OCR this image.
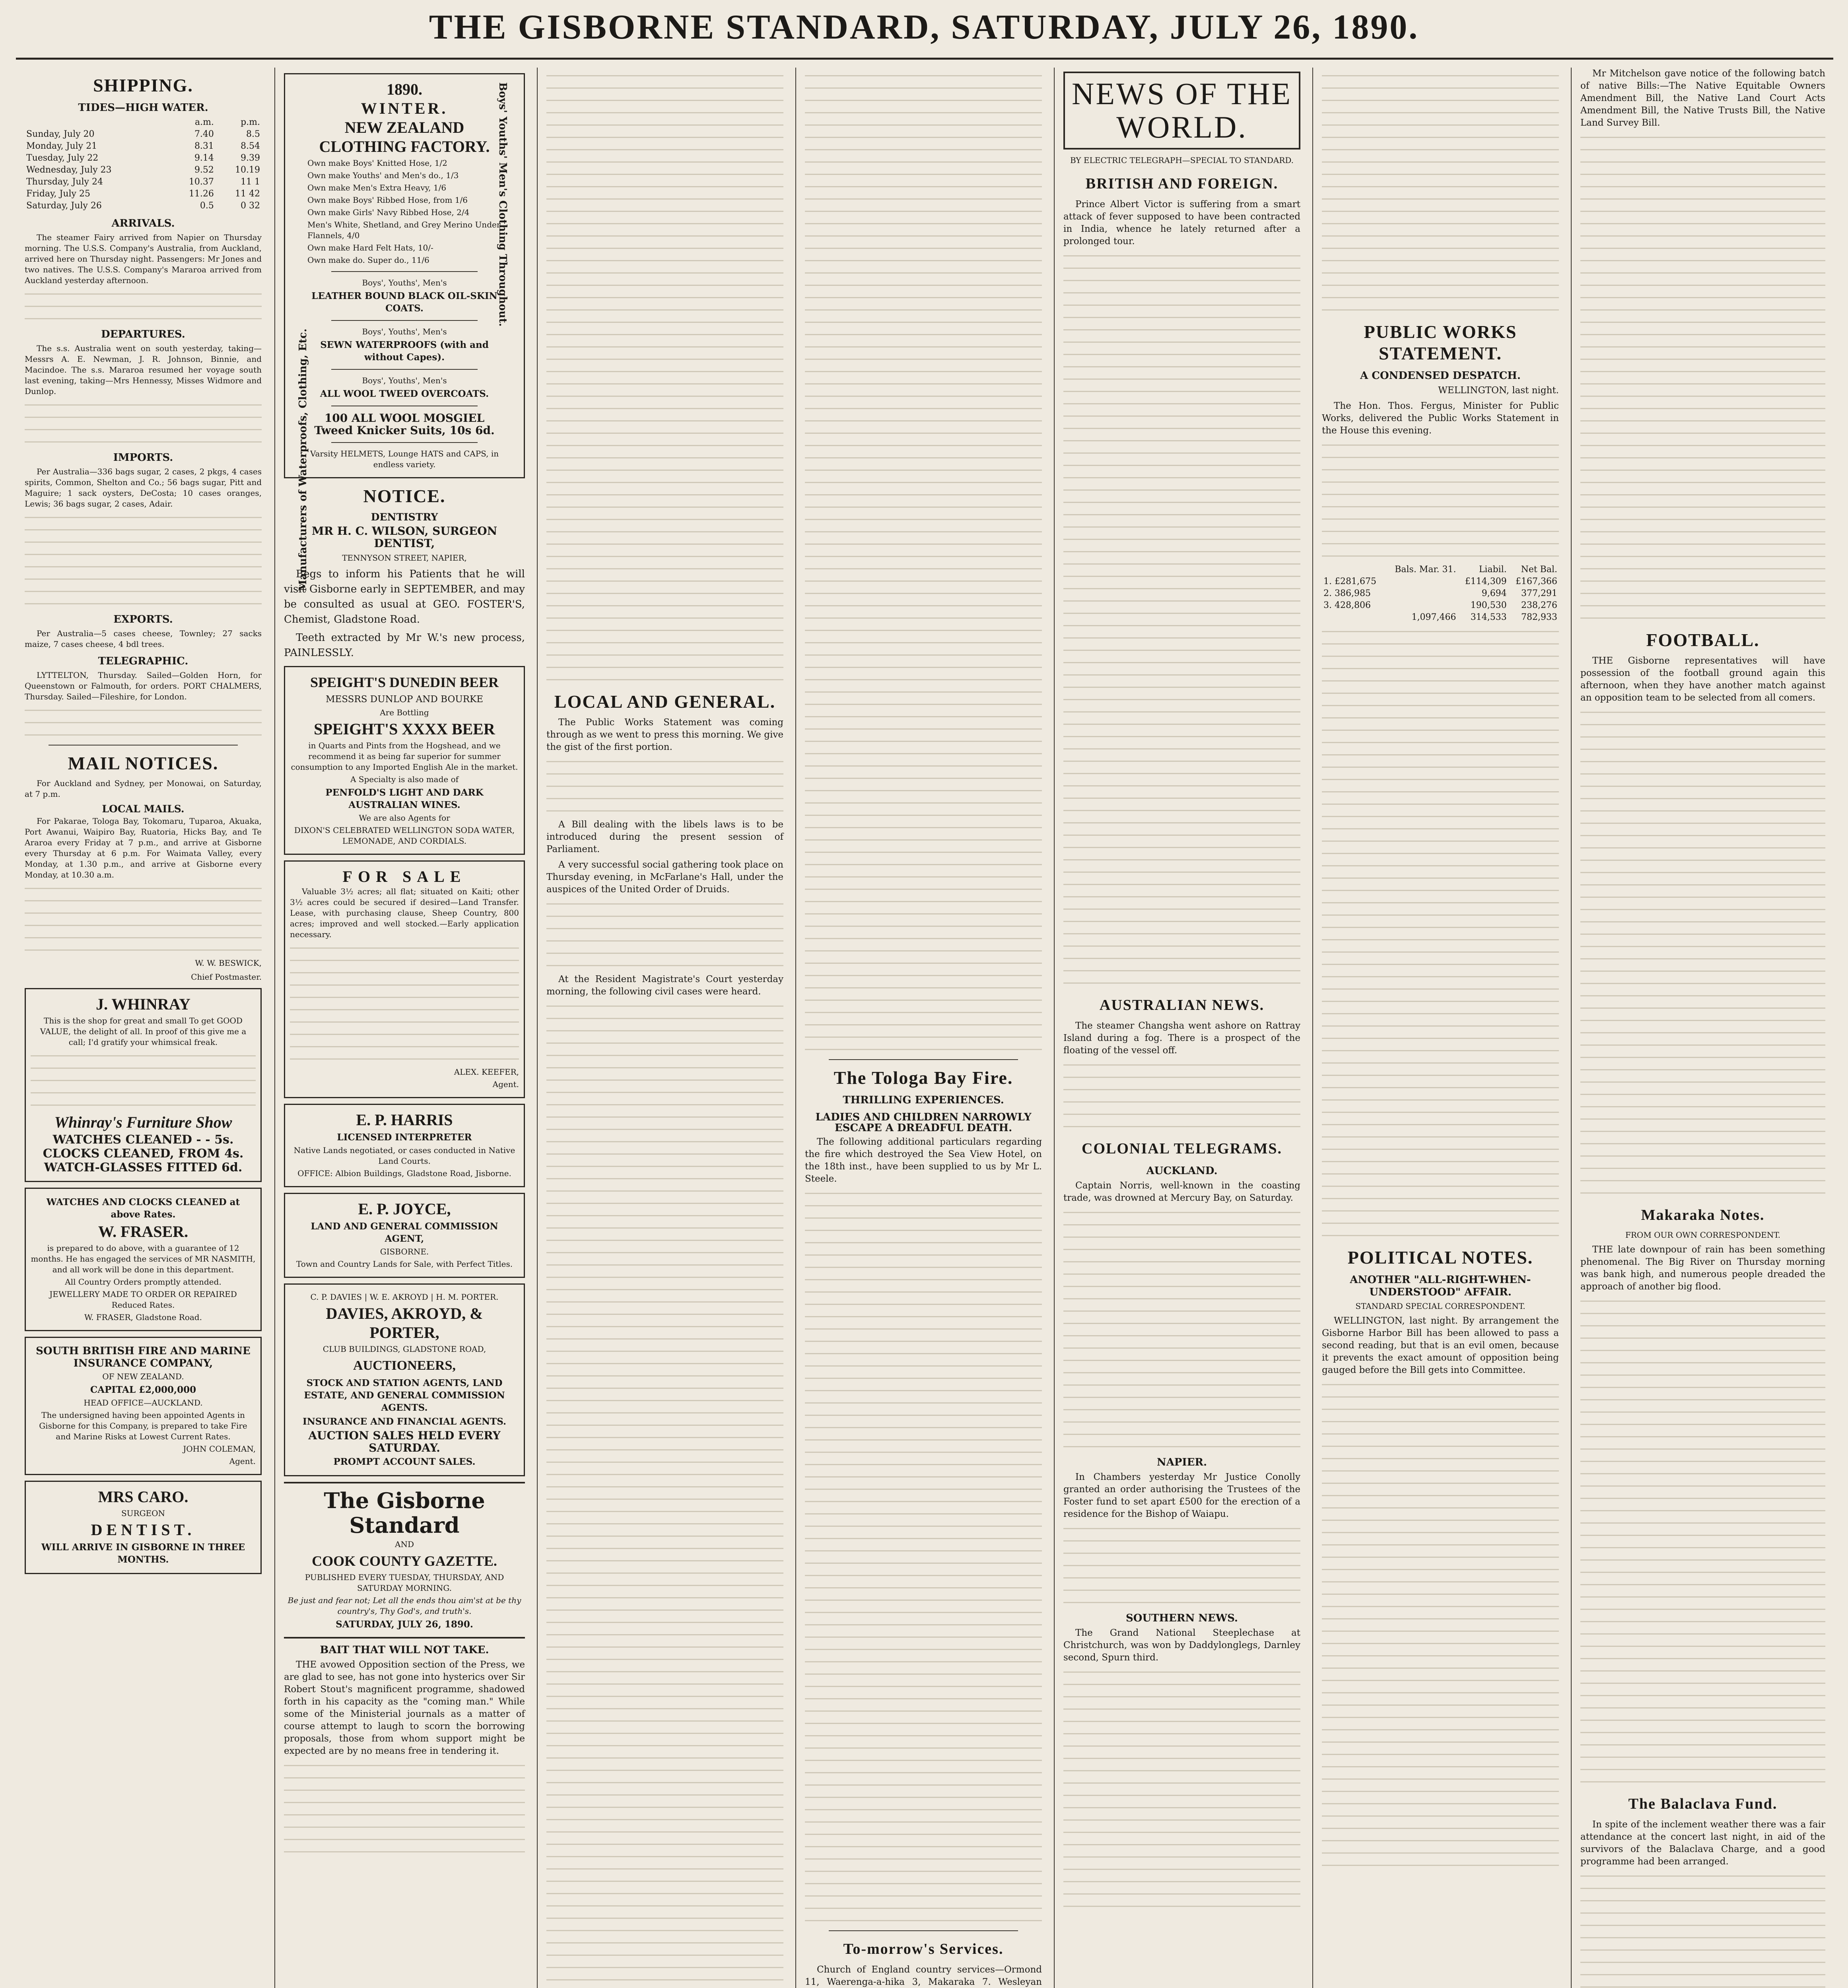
THE GISBORNE STANDARD, SATURDAY, JULY 26, 1890.
SHIPPING.
TIDES—HIGH WATER.
	a.m.	p.m.
Sunday, July 20	7.40	8.5
Monday, July 21	8.31	8.54
Tuesday, July 22	9.14	9.39
Wednesday, July 23	9.52	10.19
Thursday, July 24	10.37	11 1
Friday, July 25	11.26	11 42
Saturday, July 26	0.5	0 32
ARRIVALS.

The steamer Fairy arrived from Napier on Thursday morning. The U.S.S. Company's Australia, from Auckland, arrived here on Thursday night. Passengers: Mr Jones and two natives. The U.S.S. Company's Mararoa arrived from Auckland yesterday afternoon.

DEPARTURES.

The s.s. Australia went on south yesterday, taking—Messrs A. E. Newman, J. R. Johnson, Binnie, and Macindoe. The s.s. Mararoa resumed her voyage south last evening, taking—Mrs Hennessy, Misses Widmore and Dunlop.

IMPORTS.

Per Australia—336 bags sugar, 2 cases, 2 pkgs, 4 cases spirits, Common, Shelton and Co.; 56 bags sugar, Pitt and Maguire; 1 sack oysters, DeCosta; 10 cases oranges, Lewis; 36 bags sugar, 2 cases, Adair.

EXPORTS.

Per Australia—5 cases cheese, Townley; 27 sacks maize, 7 cases cheese, 4 bdl trees.

TELEGRAPHIC.

LYTTELTON, Thursday. Sailed—Golden Horn, for Queenstown or Falmouth, for orders. PORT CHALMERS, Thursday. Sailed—Fileshire, for London.

MAIL NOTICES.

For Auckland and Sydney, per Monowai, on Saturday, at 7 p.m.

LOCAL MAILS.

For Pakarae, Tologa Bay, Tokomaru, Tuparoa, Akuaka, Port Awanui, Waipiro Bay, Ruatoria, Hicks Bay, and Te Araroa every Friday at 7 p.m., and arrive at Gisborne every Thursday at 6 p.m. For Waimata Valley, every Monday, at 1.30 p.m., and arrive at Gisborne every Monday, at 10.30 a.m.

W. W. BESWICK,

Chief Postmaster.

J. WHINRAY

This is the shop for great and small To get GOOD VALUE, the delight of all. In proof of this give me a call; I'd gratify your whimsical freak.

Whinray's Furniture Show

WATCHES CLEANED - - 5s.

CLOCKS CLEANED, FROM 4s.

WATCH-GLASSES FITTED 6d.

WATCHES AND CLOCKS CLEANED at above Rates.

W. FRASER.

is prepared to do above, with a guarantee of 12 months. He has engaged the services of MR NASMITH, and all work will be done in this department.

All Country Orders promptly attended.

JEWELLERY MADE TO ORDER OR REPAIRED Reduced Rates.

W. FRASER, Gladstone Road.

SOUTH BRITISH FIRE AND MARINE INSURANCE COMPANY,

OF NEW ZEALAND.

CAPITAL £2,000,000

HEAD OFFICE—AUCKLAND.

The undersigned having been appointed Agents in Gisborne for this Company, is prepared to take Fire and Marine Risks at Lowest Current Rates.

JOHN COLEMAN,

Agent.

MRS CARO.

SURGEON

DENTIST.

WILL ARRIVE IN GISBORNE IN THREE MONTHS.

Manufacturers of Waterproofs, Clothing, Etc.
Boys' Youths' Men's Clothing Throughout.
1890.
WINTER.
NEW ZEALAND CLOTHING FACTORY.

Own make Boys' Knitted Hose, 1/2

Own make Youths' and Men's do., 1/3

Own make Men's Extra Heavy, 1/6

Own make Boys' Ribbed Hose, from 1/6

Own make Girls' Navy Ribbed Hose, 2/4

Men's White, Shetland, and Grey Merino Under Flannels, 4/0

Own make Hard Felt Hats, 10/-

Own make do. Super do., 11/6

Boys', Youths', Men's

LEATHER BOUND BLACK OIL-SKIN COATS.

Boys', Youths', Men's

SEWN WATERPROOFS (with and without Capes).

Boys', Youths', Men's

ALL WOOL TWEED OVERCOATS.

100 ALL WOOL MOSGIEL Tweed Knicker Suits, 10s 6d.

Varsity HELMETS, Lounge HATS and CAPS, in endless variety.

NOTICE.

DENTISTRY

MR H. C. WILSON, SURGEON DENTIST,

TENNYSON STREET, NAPIER,

Begs to inform his Patients that he will visit Gisborne early in SEPTEMBER, and may be consulted as usual at GEO. FOSTER'S, Chemist, Gladstone Road.

Teeth extracted by Mr W.'s new process, PAINLESSLY.

SPEIGHT'S DUNEDIN BEER

MESSRS DUNLOP AND BOURKE

Are Bottling

SPEIGHT'S XXXX BEER

in Quarts and Pints from the Hogshead, and we recommend it as being far superior for summer consumption to any Imported English Ale in the market.

A Specialty is also made of

PENFOLD'S LIGHT AND DARK AUSTRALIAN WINES.

We are also Agents for

DIXON'S CELEBRATED WELLINGTON SODA WATER, LEMONADE, AND CORDIALS.

FOR SALE

Valuable 3½ acres; all flat; situated on Kaiti; other 3½ acres could be secured if desired—Land Transfer. Lease, with purchasing clause, Sheep Country, 800 acres; improved and well stocked.—Early application necessary.

ALEX. KEEFER,

Agent.

E. P. HARRIS

LICENSED INTERPRETER

Native Lands negotiated, or cases conducted in Native Land Courts.

OFFICE: Albion Buildings, Gladstone Road, Jisborne.

E. P. JOYCE,

LAND AND GENERAL COMMISSION AGENT,

GISBORNE.

Town and Country Lands for Sale, with Perfect Titles.

C. P. DAVIES | W. E. AKROYD | H. M. PORTER.

DAVIES, AKROYD, & PORTER,

CLUB BUILDINGS, GLADSTONE ROAD,

AUCTIONEERS,

STOCK AND STATION AGENTS, LAND ESTATE, AND GENERAL COMMISSION AGENTS.

INSURANCE AND FINANCIAL AGENTS.

AUCTION SALES HELD EVERY SATURDAY.

PROMPT ACCOUNT SALES.

The Gisborne Standard

AND

COOK COUNTY GAZETTE.

PUBLISHED EVERY TUESDAY, THURSDAY, AND SATURDAY MORNING.

Be just and fear not; Let all the ends thou aim'st at be thy country's, Thy God's, and truth's.

SATURDAY, JULY 26, 1890.

BAIT THAT WILL NOT TAKE.

THE avowed Opposition section of the Press, we are glad to see, has not gone into hysterics over Sir Robert Stout's magnificent programme, shadowed forth in his capacity as the "coming man." While some of the Ministerial journals as a matter of course attempt to laugh to scorn the borrowing proposals, those from whom support might be expected are by no means free in tendering it.

LOCAL AND GENERAL.

The Public Works Statement was coming through as we went to press this morning. We give the gist of the first portion.

A Bill dealing with the libels laws is to be introduced during the present session of Parliament.

A very successful social gathering took place on Thursday evening, in McFarlane's Hall, under the auspices of the United Order of Druids.

At the Resident Magistrate's Court yesterday morning, the following civil cases were heard.

The Tologa Bay Fire.
THRILLING EXPERIENCES.
LADIES AND CHILDREN NARROWLY ESCAPE A DREADFUL DEATH.

The following additional particulars regarding the fire which destroyed the Sea View Hotel, on the 18th inst., have been supplied to us by Mr L. Steele.

To-morrow's Services.

Church of England country services—Ormond 11, Waerenga-a-hika 3, Makaraka 7. Wesleyan

NEWS OF THE WORLD.

BY ELECTRIC TELEGRAPH—SPECIAL TO STANDARD.

BRITISH AND FOREIGN.

Prince Albert Victor is suffering from a smart attack of fever supposed to have been contracted in India, whence he lately returned after a prolonged tour.

AUSTRALIAN NEWS.

The steamer Changsha went ashore on Rattray Island during a fog. There is a prospect of the floating of the vessel off.

COLONIAL TELEGRAMS.
AUCKLAND.

Captain Norris, well-known in the coasting trade, was drowned at Mercury Bay, on Saturday.

NAPIER.

In Chambers yesterday Mr Justice Conolly granted an order authorising the Trustees of the Foster fund to set apart £500 for the erection of a residence for the Bishop of Waiapu.

SOUTHERN NEWS.

The Grand National Steeplechase at Christchurch, was won by Daddylonglegs, Darnley second, Spurn third.

PUBLIC WORKS STATEMENT.
A CONDENSED DESPATCH.

WELLINGTON, last night.

The Hon. Thos. Fergus, Minister for Public Works, delivered the Public Works Statement in the House this evening.

	Bals. Mar. 31.	Liabil.	Net Bal.
1. £281,675		£114,309	£167,366
2. 386,985		9,694	377,291
3. 428,806		190,530	238,276
	1,097,466	314,533	782,933
POLITICAL NOTES.
ANOTHER "ALL-RIGHT-WHEN-UNDERSTOOD" AFFAIR.

STANDARD SPECIAL CORRESPONDENT.

WELLINGTON, last night. By arrangement the Gisborne Harbor Bill has been allowed to pass a second reading, but that is an evil omen, because it prevents the exact amount of opposition being gauged before the Bill gets into Committee.

Mr Mitchelson gave notice of the following batch of native Bills:—The Native Equitable Owners Amendment Bill, the Native Land Court Acts Amendment Bill, the Native Trusts Bill, the Native Land Survey Bill.

FOOTBALL.

THE Gisborne representatives will have possession of the football ground again this afternoon, when they have another match against an opposition team to be selected from all comers.

Makaraka Notes.

FROM OUR OWN CORRESPONDENT.

THE late downpour of rain has been something phenomenal. The Big River on Thursday morning was bank high, and numerous people dreaded the approach of another big flood.

The Balaclava Fund.

In spite of the inclement weather there was a fair attendance at the concert last night, in aid of the survivors of the Balaclava Charge, and a good programme had been arranged.
